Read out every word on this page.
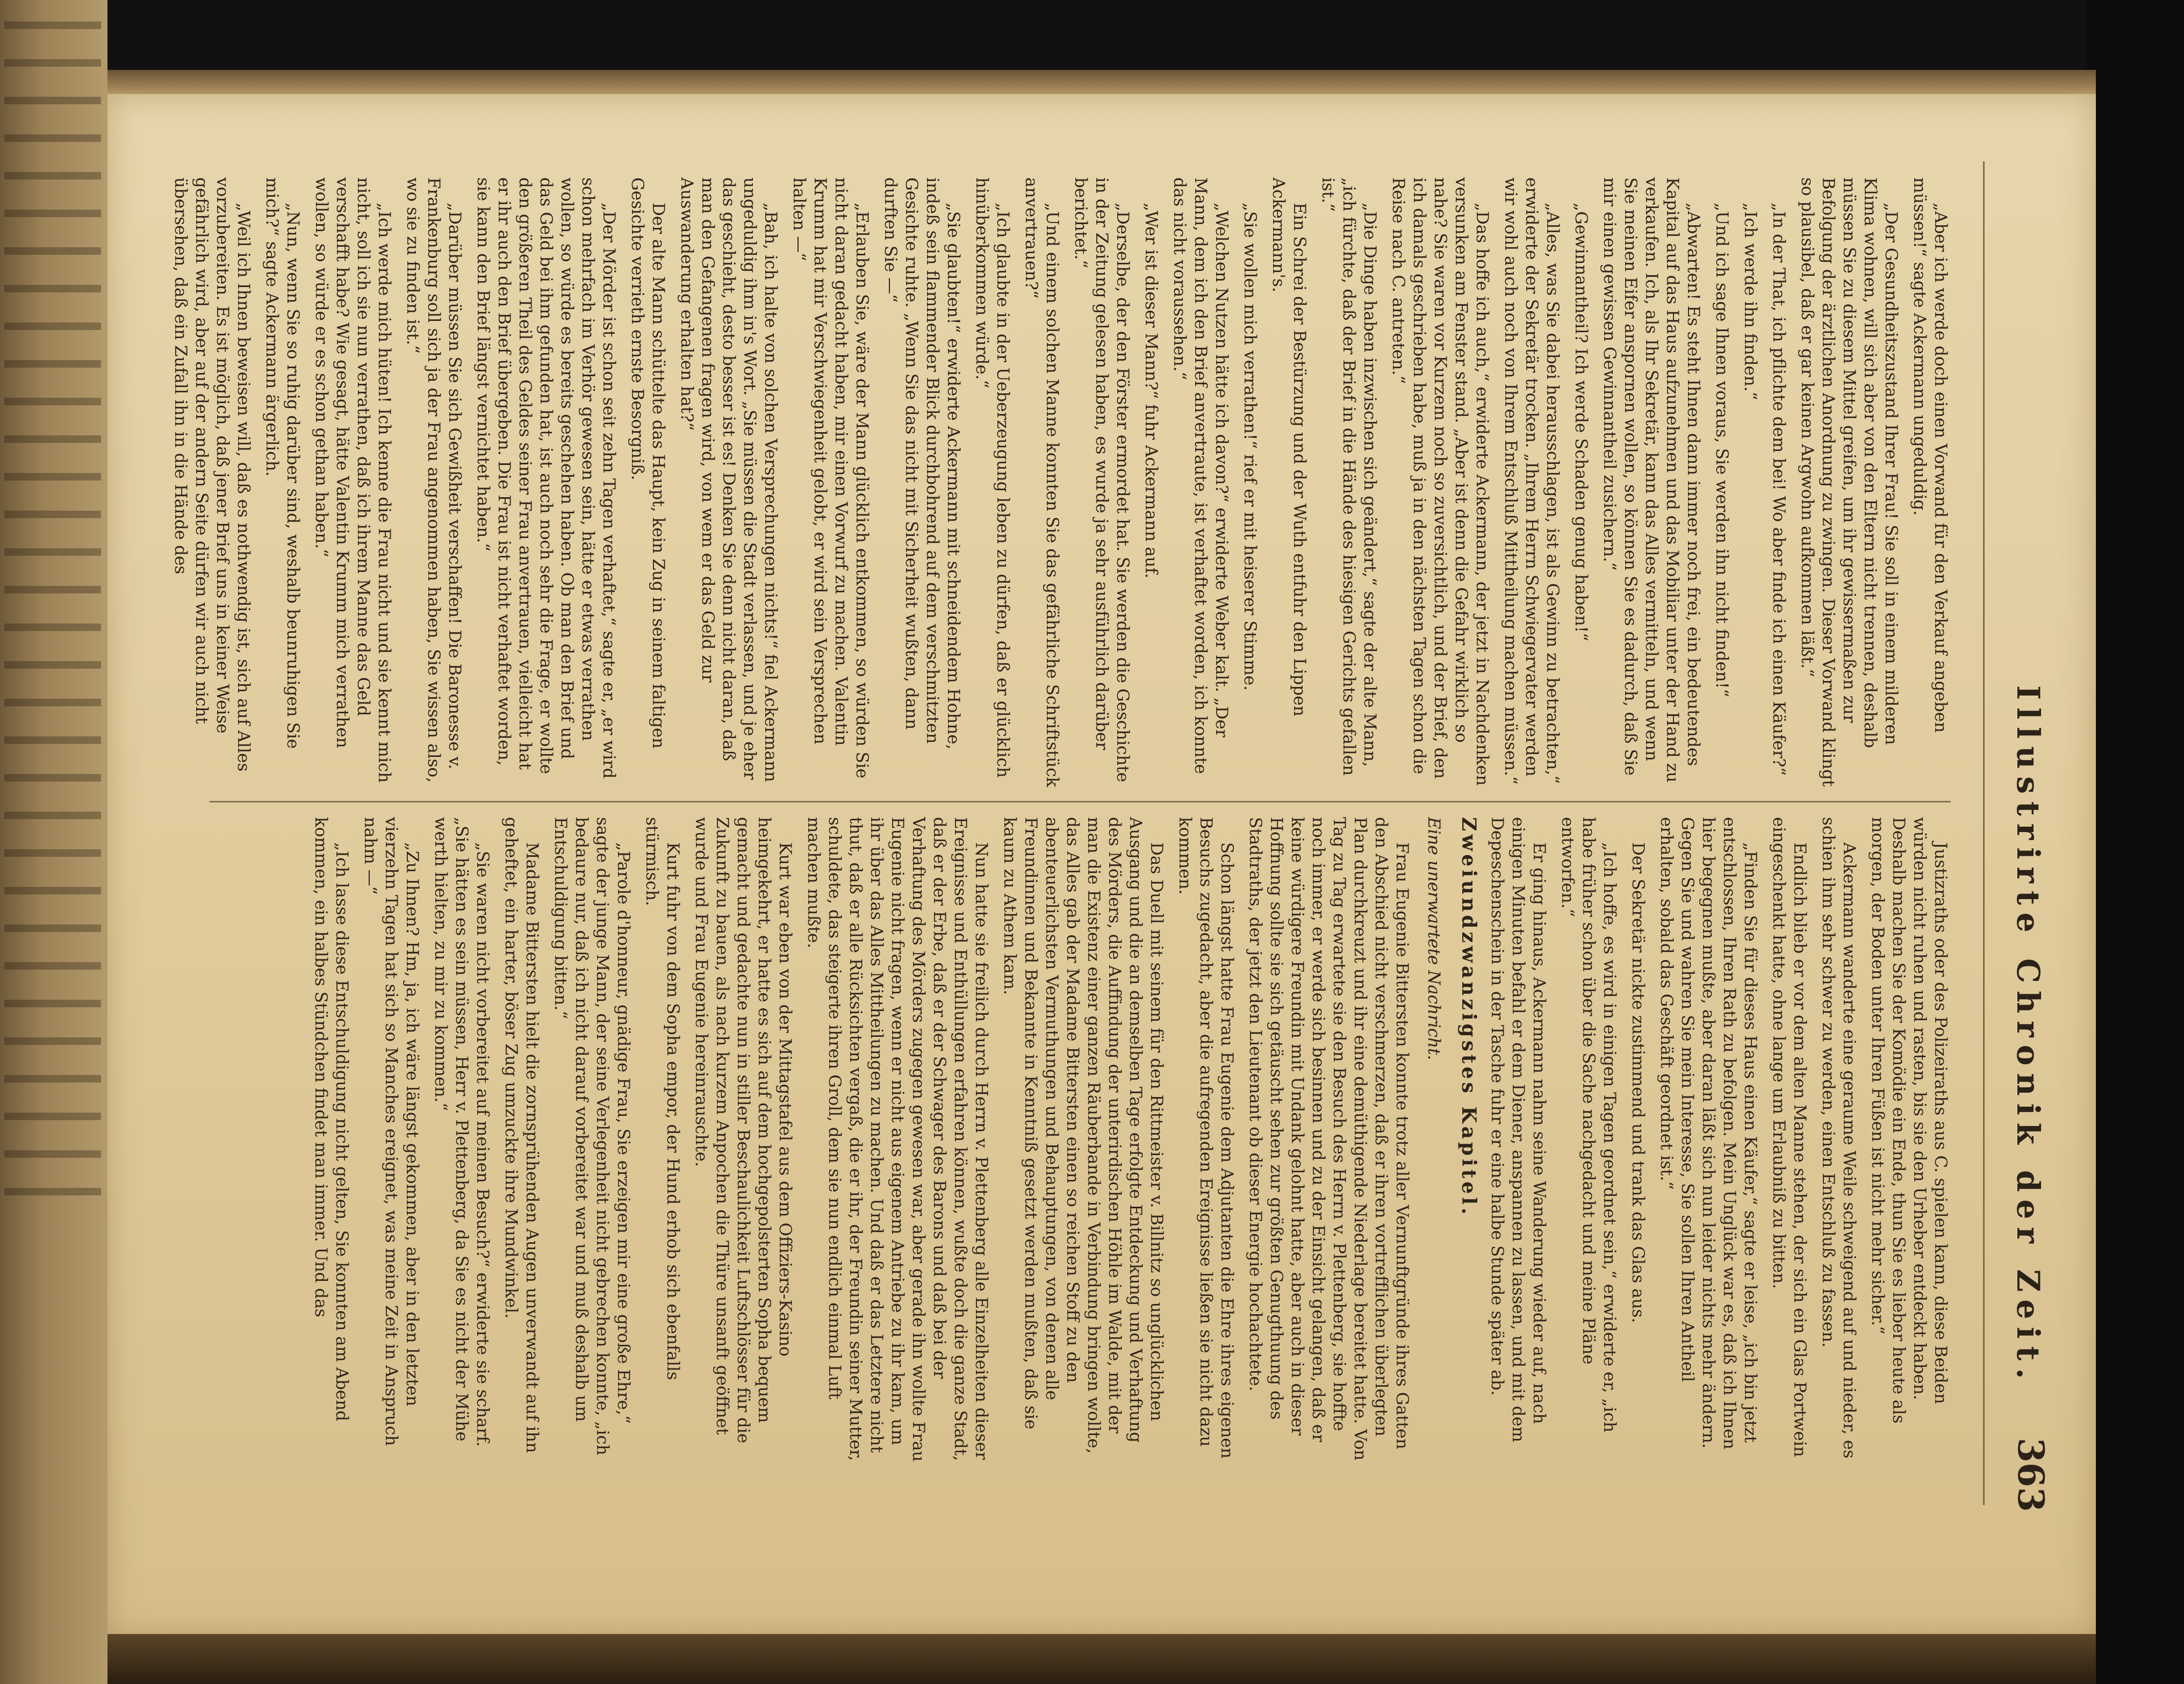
Illustrirte Chronik der Zeit.
363

„Aber ich werde doch einen Vorwand für den Verkauf angeben müssen!“ sagte Ackermann ungeduldig.

„Der Gesundheitszustand Ihrer Frau! Sie soll in einem milderen Klima wohnen, will sich aber von den Eltern nicht trennen, deshalb müssen Sie zu diesem Mittel greifen, um ihr gewissermaßen zur Befolgung der ärztlichen Anordnung zu zwingen. Dieser Vorwand klingt so plausibel, daß er gar keinen Argwohn aufkommen läßt.“

„In der That, ich pflichte dem bei! Wo aber finde ich einen Käufer?“

„Ich werde ihn finden.“

„Und ich sage Ihnen voraus, Sie werden ihn nicht finden!“

„Abwarten! Es steht Ihnen dann immer noch frei, ein bedeutendes Kapital auf das Haus aufzunehmen und das Mobiliar unter der Hand zu verkaufen. Ich, als Ihr Sekretär, kann das Alles vermitteln, und wenn Sie meinen Eifer anspornen wollen, so können Sie es dadurch, daß Sie mir einen gewissen Gewinnantheil zusichern.“

„Gewinnantheil? Ich werde Schaden genug haben!“

„Alles, was Sie dabei herausschlagen, ist als Gewinn zu betrachten,“ erwiderte der Sekretär trocken. „Ihrem Herrn Schwiegervater werden wir wohl auch noch von Ihrem Entschluß Mittheilung machen müssen.“

„Das hoffe ich auch,“ erwiderte Ackermann, der jetzt in Nachdenken versunken am Fenster stand. „Aber ist denn die Gefahr wirklich so nahe? Sie waren vor Kurzem noch so zuversichtlich, und der Brief, den ich damals geschrieben habe, muß ja in den nächsten Tagen schon die Reise nach C. antreten.“

„Die Dinge haben inzwischen sich geändert,“ sagte der alte Mann, „ich fürchte, daß der Brief in die Hände des hiesigen Gerichts gefallen ist.“

Ein Schrei der Bestürzung und der Wuth entfuhr den Lippen Ackermann's.

„Sie wollen mich verrathen!“ rief er mit heiserer Stimme.

„Welchen Nutzen hätte ich davon?“ erwiderte Weber kalt. „Der Mann, dem ich den Brief anvertraute, ist verhaftet worden, ich konnte das nicht voraussehen.“

„Wer ist dieser Mann?“ fuhr Ackermann auf.

„Derselbe, der den Förster ermordet hat. Sie werden die Geschichte in der Zeitung gelesen haben, es wurde ja sehr ausführlich darüber berichtet.“

„Und einem solchen Manne konnten Sie das gefährliche Schriftstück anvertrauen?“

„Ich glaubte in der Ueberzeugung leben zu dürfen, daß er glücklich hinüberkommen würde.“

„Sie glaubten!“ erwiderte Ackermann mit schneidendem Hohne, indeß sein flammender Blick durchbohrend auf dem verschmitzten Gesichte ruhte. „Wenn Sie das nicht mit Sicherheit wußten, dann durften Sie —“

„Erlauben Sie, wäre der Mann glücklich entkommen, so würden Sie nicht daran gedacht haben, mir einen Vorwurf zu machen. Valentin Krumm hat mir Verschwiegenheit gelobt, er wird sein Versprechen halten —“

„Bah, ich halte von solchen Versprechungen nichts!“ fiel Ackermann ungeduldig ihm in's Wort. „Sie müssen die Stadt verlassen, und je eher das geschieht, desto besser ist es! Denken Sie denn nicht daran, daß man den Gefangenen fragen wird, von wem er das Geld zur Auswanderung erhalten hat?“

Der alte Mann schüttelte das Haupt, kein Zug in seinem faltigen Gesichte verrieth ernste Besorgniß.

„Der Mörder ist schon seit zehn Tagen verhaftet,“ sagte er, „er wird schon mehrfach im Verhör gewesen sein, hätte er etwas verrathen wollen, so würde es bereits geschehen haben. Ob man den Brief und das Geld bei ihm gefunden hat, ist auch noch sehr die Frage, er wollte den größeren Theil des Geldes seiner Frau anvertrauen, vielleicht hat er ihr auch den Brief übergeben. Die Frau ist nicht verhaftet worden, sie kann den Brief längst vernichtet haben.“

„Darüber müssen Sie sich Gewißheit verschaffen! Die Baronesse v. Frankenburg soll sich ja der Frau angenommen haben, Sie wissen also, wo sie zu finden ist.“

„Ich werde mich hüten! Ich kenne die Frau nicht und sie kennt mich nicht, soll ich sie nun verrathen, daß ich ihrem Manne das Geld verschafft habe? Wie gesagt, hätte Valentin Krumm mich verrathen wollen, so würde er es schon gethan haben.“

„Nun, wenn Sie so ruhig darüber sind, weshalb beunruhigen Sie mich?“ sagte Ackermann ärgerlich.

„Weil ich Ihnen beweisen will, daß es nothwendig ist, sich auf Alles vorzubereiten. Es ist möglich, daß jener Brief uns in keiner Weise gefährlich wird, aber auf der andern Seite dürfen wir auch nicht übersehen, daß ein Zufall ihn in die Hände des

Justizraths oder des Polizeiraths aus C. spielen kann, diese Beiden würden nicht ruhen und rasten, bis sie den Urheber entdeckt haben. Deshalb machen Sie der Komödie ein Ende, thun Sie es lieber heute als morgen, der Boden unter Ihren Füßen ist nicht mehr sicher.“

Ackermann wanderte eine geraume Weile schweigend auf und nieder, es schien ihm sehr schwer zu werden, einen Entschluß zu fassen.

Endlich blieb er vor dem alten Manne stehen, der sich ein Glas Portwein eingeschenkt hatte, ohne lange um Erlaubniß zu bitten.

„Finden Sie für dieses Haus einen Käufer,“ sagte er leise, „ich bin jetzt entschlossen, Ihren Rath zu befolgen. Mein Unglück war es, daß ich Ihnen hier begegnen mußte, aber daran läßt sich nun leider nichts mehr ändern. Gegen Sie und wahren Sie mein Interesse, Sie sollen Ihren Antheil erhalten, sobald das Geschäft geordnet ist.“

Der Sekretär nickte zustimmend und trank das Glas aus.

„Ich hoffe, es wird in einigen Tagen geordnet sein,“ erwiderte er, „ich habe früher schon über die Sache nachgedacht und meine Pläne entworfen.“

Er ging hinaus, Ackermann nahm seine Wanderung wieder auf, nach einigen Minuten befahl er dem Diener, anspannen zu lassen, und mit dem Depeschenschein in der Tasche fuhr er eine halbe Stunde später ab.

Zweiundzwanzigstes Kapitel.

Eine unerwartete Nachricht.

Frau Eugenie Bittersten konnte trotz aller Vernunftgründe ihres Gatten den Abschied nicht verschmerzen, daß er ihren vortrefflichen überlegten Plan durchkreuzt und ihr eine demüthigende Niederlage bereitet hatte. Von Tag zu Tag erwartete sie den Besuch des Herrn v. Plettenberg, sie hoffte noch immer, er werde sich besinnen und zu der Einsicht gelangen, daß er keine würdigere Freundin mit Undank gelohnt hatte, aber auch in dieser Hoffnung sollte sie sich getäuscht sehen zur größten Genugthuung des Stadtraths, der jetzt den Lieutenant ob dieser Energie hochachtete.

Schon längst hatte Frau Eugenie dem Adjutanten die Ehre ihres eigenen Besuchs zugedacht, aber die aufregenden Ereignisse ließen sie nicht dazu kommen.

Das Duell mit seinem für den Rittmeister v. Billnitz so unglücklichen Ausgang und die an demselben Tage erfolgte Entdeckung und Verhaftung des Mörders, die Auffindung der unterirdischen Höhle im Walde, mit der man die Existenz einer ganzen Räuberbande in Verbindung bringen wollte, das Alles gab der Madame Bittersten einen so reichen Stoff zu den abenteuerlichsten Vermuthungen und Behauptungen, von denen alle Freundinnen und Bekannte in Kenntniß gesetzt werden mußten, daß sie kaum zu Athem kam.

Nun hatte sie freilich durch Herrn v. Plettenberg alle Einzelheiten dieser Ereignisse und Enthüllungen erfahren können, wußte doch die ganze Stadt, daß er der Erbe, daß er der Schwager des Barons und daß bei der Verhaftung des Mörders zugegen gewesen war, aber gerade ihn wollte Frau Eugenie nicht fragen, wenn er nicht aus eigenem Antriebe zu ihr kam, um ihr über das Alles Mittheilungen zu machen. Und daß er das Letztere nicht thut, daß er alle Rücksichten vergaß, die er ihr, der Freundin seiner Mutter, schuldete, das steigerte ihren Groll, dem sie nun endlich einmal Luft machen mußte.

Kurt war eben von der Mittagstafel aus dem Offiziers-Kasino heimgekehrt, er hatte es sich auf dem hochgepolsterten Sopha bequem gemacht und gedachte nun in stiller Beschaulichkeit Luftschlösser für die Zukunft zu bauen, als nach kurzem Anpochen die Thüre unsanft geöffnet wurde und Frau Eugenie hereinrauschte.

Kurt fuhr von dem Sopha empor, der Hund erhob sich ebenfalls stürmisch.

„Parole d'honneur, gnädige Frau, Sie erzeigen mir eine große Ehre,“ sagte der junge Mann, der seine Verlegenheit nicht gebrechen konnte, „ich bedaure nur, daß ich nicht darauf vorbereitet war und muß deshalb um Entschuldigung bitten.“

Madame Bittersten hielt die zornsprühenden Augen unverwandt auf ihn geheftet, ein harter, böser Zug umzuckte ihre Mundwinkel.

„Sie waren nicht vorbereitet auf meinen Besuch?“ erwiderte sie scharf. „Sie hätten es sein müssen, Herr v. Plettenberg, da Sie es nicht der Mühe werth hielten, zu mir zu kommen.“

„Zu Ihnen? Hm, ja, ich wäre längst gekommen, aber in den letzten vierzehn Tagen hat sich so Manches ereignet, was meine Zeit in Anspruch nahm —“

„Ich lasse diese Entschuldigung nicht gelten, Sie konnten am Abend kommen, ein halbes Stündchen findet man immer. Und das
